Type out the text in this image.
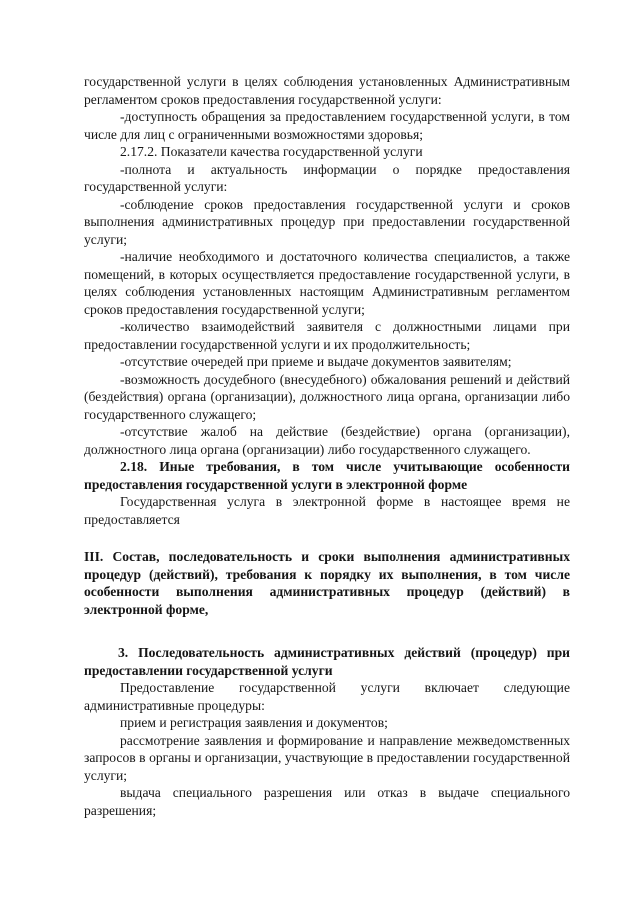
государственной услуги в целях соблюдения установленных Административным регламентом сроков предоставления государственной услуги:

-доступность обращения за предоставлением государственной услуги, в том числе для лиц с ограниченными возможностями здоровья;

2.17.2. Показатели качества государственной услуги

-полнота и актуальность информации о порядке предоставления государственной услуги:

-соблюдение сроков предоставления государственной услуги и сроков выполнения административных процедур при предоставлении государственной услуги;

-наличие необходимого и достаточного количества специалистов, а также помещений, в которых осуществляется предоставление государственной услуги, в целях соблюдения установленных настоящим Административным регламентом сроков предоставления государственной услуги;

-количество взаимодействий заявителя с должностными лицами при предоставлении государственной услуги и их продолжительность;

-отсутствие очередей при приеме и выдаче документов заявителям;

-возможность досудебного (внесудебного) обжалования решений и действий (бездействия) органа (организации), должностного лица органа, организации либо государственного служащего;

-отсутствие жалоб на действие (бездействие) органа (организации), должностного лица органа (организации) либо государственного служащего.

2.18. Иные требования, в том числе учитывающие особенности предоставления государственной услуги в электронной форме

Государственная услуга в электронной форме в настоящее время не предоставляется

III. Состав, последовательность и сроки выполнения административных процедур (действий), требования к порядку их выполнения, в том числе особенности выполнения административных процедур (действий) в электронной форме,

3. Последовательность административных действий (процедур) при предоставлении государственной услуги

Предоставление государственной услуги включает следующие административные процедуры:

прием и регистрация заявления и документов;

рассмотрение заявления и формирование и направление межведомственных запросов в органы и организации, участвующие в предоставлении государственной услуги;

выдача специального разрешения или отказ в выдаче специального разрешения;
